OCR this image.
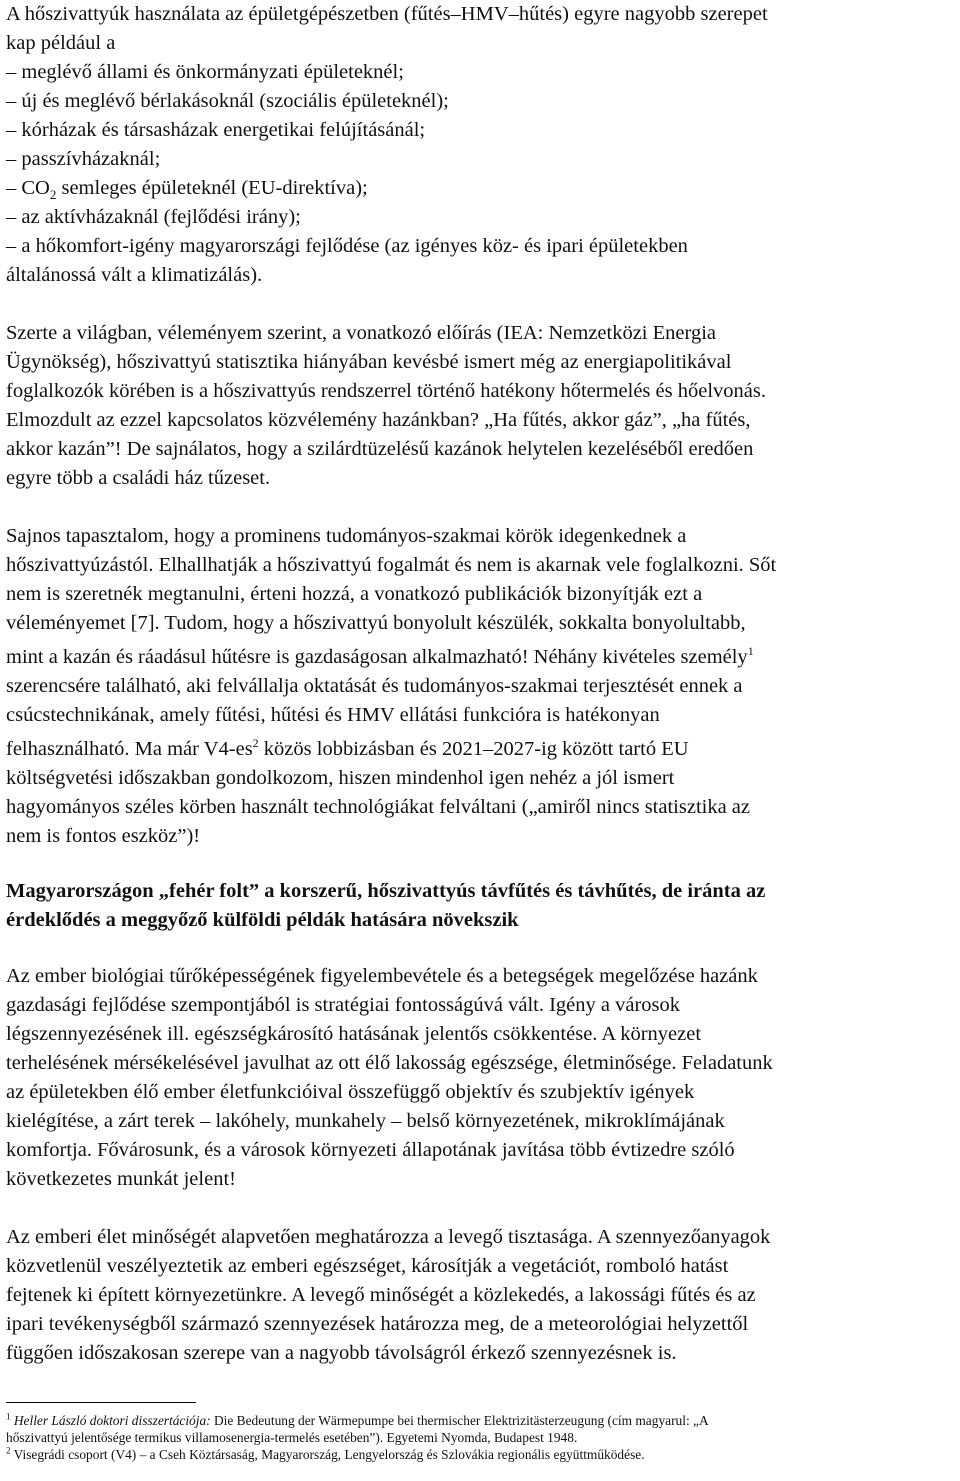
A hőszivattyúk használata az épületgépészetben (fűtés–HMV–hűtés) egyre nagyobb szerepet
kap például a
– meglévő állami és önkormányzati épületeknél;
– új és meglévő bérlakásoknál (szociális épületeknél);
– kórházak és társasházak energetikai felújításánál;
– passzívházaknál;
– $CO_2$ semleges épületeknél (EU-direktíva);
– az aktívházaknál (fejlődési irány);
– a hőkomfort-igény magyarországi fejlődése (az igényes köz- és ipari épületekben
általánossá vált a klimatizálás).
Szerte a világban, véleményem szerint, a vonatkozó előírás (IEA: Nemzetközi Energia
Ügynökség), hőszivattyú statisztika hiányában kevésbé ismert még az energiapolitikával
foglalkozók körében is a hőszivattyús rendszerrel történő hatékony hőtermelés és hőelvonás.
Elmozdult az ezzel kapcsolatos közvélemény hazánkban? „Ha fűtés, akkor gáz”, „ha fűtés,
akkor kazán”! De sajnálatos, hogy a szilárdtüzelésű kazánok helytelen kezeléséből eredően
egyre több a családi ház tűzeset.
Sajnos tapasztalom, hogy a prominens tudományos-szakmai körök idegenkednek a
hőszivattyúzástól. Elhallhatják a hőszivattyú fogalmát és nem is akarnak vele foglalkozni. Sőt
nem is szeretnék megtanulni, érteni hozzá, a vonatkozó publikációk bizonyítják ezt a
véleményemet [7]. Tudom, hogy a hőszivattyú bonyolult készülék, sokkalta bonyolultabb,
mint a kazán és ráadásul hűtésre is gazdaságosan alkalmazható! Néhány kivételes személy$^1$
szerencsére található, aki felvállalja oktatását és tudományos-szakmai terjesztését ennek a
csúcstechnikának, amely fűtési, hűtési és HMV ellátási funkcióra is hatékonyan
felhasználható. Ma már $V4-es^2$ közös lobbizásban és 2021–2027-ig között tartó EU
költségvetési időszakban gondolkozom, hiszen mindenhol igen nehéz a jól ismert
hagyományos széles körben használt technológiákat felváltani („amiről nincs statisztika az
nem is fontos eszköz”)!
Magyarországon „fehér folt” a korszerű, hőszivattyús távfűtés és távhűtés, de iránta az
érdeklődés a meggyőző külföldi példák hatására növekszik
Az ember biológiai tűrőképességének figyelembevétele és a betegségek megelőzése hazánk
gazdasági fejlődése szempontjából is stratégiai fontosságúvá vált. Igény a városok
légszennyezésének ill. egészségkárosító hatásának jelentős csökkentése. A környezet
terhelésének mérsékelésével javulhat az ott élő lakosság egészsége, életminősége. Feladatunk
az épületekben élő ember életfunkcióival összefüggő objektív és szubjektív igények
kielégítése, a zárt terek – lakóhely, munkahely – belső környezetének, mikroklímájának
komfortja. Fővárosunk, és a városok környezeti állapotának javítása több évtizedre szóló
következetes munkát jelent!
Az emberi élet minőségét alapvetően meghatározza a levegő tisztasága. A szennyezőanyagok
közvetlenül veszélyeztetik az emberi egészséget, károsítják a vegetációt, romboló hatást
fejtenek ki épített környezetünkre. A levegő minőségét a közlekedés, a lakossági fűtés és az
ipari tevékenységből származó szennyezések határozza meg, de a meteorológiai helyzettől
függően időszakosan szerepe van a nagyobb távolságról érkező szennyezésnek is.
$^1$ Heller László doktori disszertációja: Die Bedeutung der Wärmepumpe bei thermischer Elektrizitästerzeugung (cím magyarul: „A
hőszivattyú jelentősége termikus villamosenergia-termelés esetében”). Egyetemi Nyomda, Budapest 1948.
$^2$ Visegrádi csoport (V4) – a Cseh Köztársaság, Magyarország, Lengyelország és Szlovákia regionális együttműködése.
